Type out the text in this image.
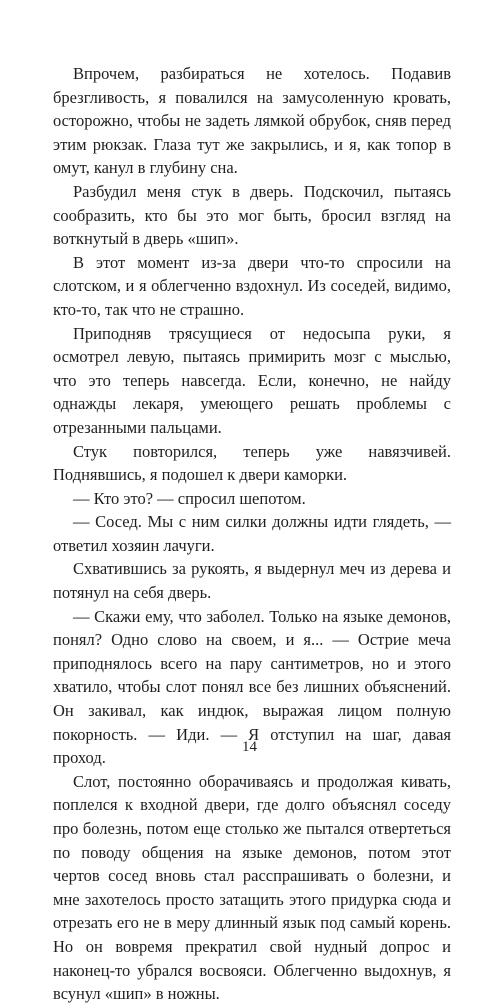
Впрочем, разбираться не хотелось. Подавив брезгливость, я повалился на замусоленную кровать, осторожно, чтобы не задеть лямкой обрубок, сняв перед этим рюкзак. Глаза тут же закрылись, и я, как топор в омут, канул в глубину сна.

Разбудил меня стук в дверь. Подскочил, пытаясь сообразить, кто бы это мог быть, бросил взгляд на воткнутый в дверь «шип».

В этот момент из-за двери что-то спросили на слотском, и я облегченно вздохнул. Из соседей, видимо, кто-то, так что не страшно.

Приподняв трясущиеся от недосыпа руки, я осмотрел левую, пытаясь примирить мозг с мыслью, что это теперь навсегда. Если, конечно, не найду однажды лекаря, умеющего решать проблемы с отрезанными пальцами.

Стук повторился, теперь уже навязчивей. Поднявшись, я подошел к двери каморки.

— Кто это? — спросил шепотом.

— Сосед. Мы с ним силки должны идти глядеть, — ответил хозяин лачуги.

Схватившись за рукоять, я выдернул меч из дерева и потянул на себя дверь.

— Скажи ему, что заболел. Только на языке демонов, понял? Одно слово на своем, и я... — Острие меча приподнялось всего на пару сантиметров, но и этого хватило, чтобы слот понял все без лишних объяснений. Он закивал, как индюк, выражая лицом полную покорность. — Иди. — Я отступил на шаг, давая проход.

Слот, постоянно оборачиваясь и продолжая кивать, поплелся к входной двери, где долго объяснял соседу про болезнь, потом еще столько же пытался отвертеться по поводу общения на языке демонов, потом этот чертов сосед вновь стал расспрашивать о болезни, и мне захотелось просто затащить этого придурка сюда и отрезать его не в меру длинный язык под самый корень. Но он вовремя прекратил свой нудный допрос и наконец-то убрался восвояси. Облегченно выдохнув, я всунул «шип» в ножны.

14
